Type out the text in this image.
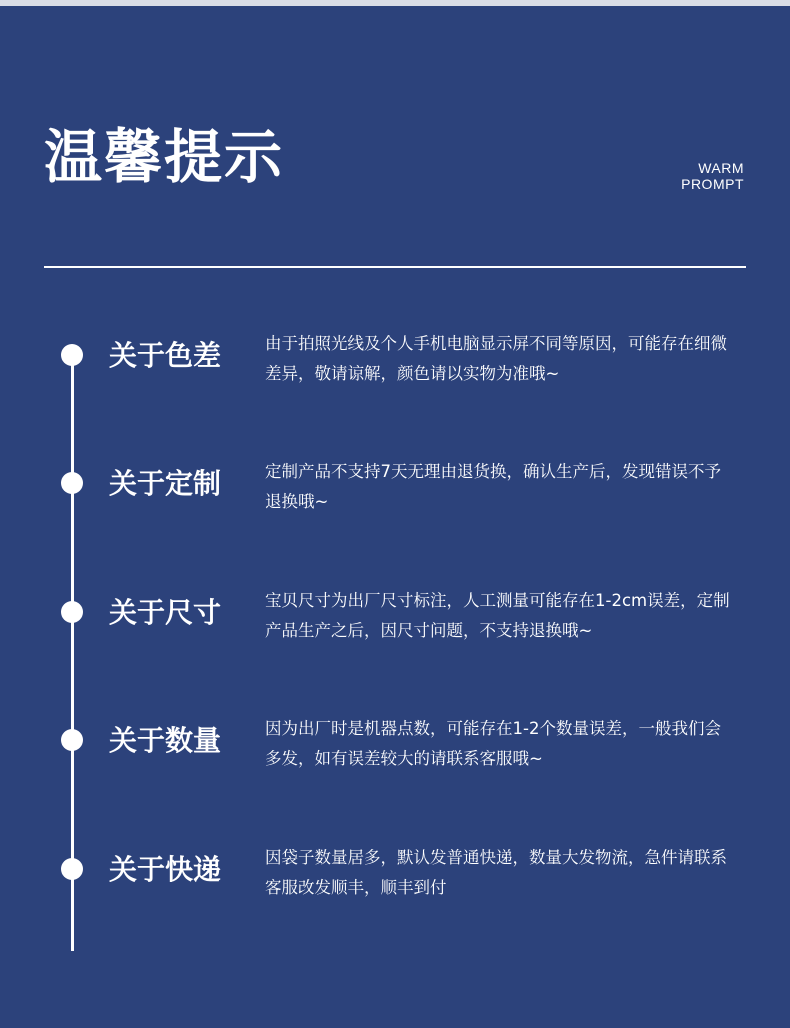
温馨提示	WARM
PROMPT
关于色差	由于拍照光线及个人手机电脑显示屏不同等原因，可能存在细微差异，敬请谅解，颜色请以实物为准哦~
关于定制	定制产品不支持7天无理由退货换，确认生产后，发现错误不予退换哦~
关于尺寸	宝贝尺寸为出厂尺寸标注，人工测量可能存在1-2cm误差，定制产品生产之后，因尺寸问题，不支持退换哦~
关于数量	因为出厂时是机器点数，可能存在1-2个数量误差，一般我们会多发，如有误差较大的请联系客服哦~
关于快递	因袋子数量居多，默认发普通快递，数量大发物流，急件请联系客服改发顺丰，顺丰到付
